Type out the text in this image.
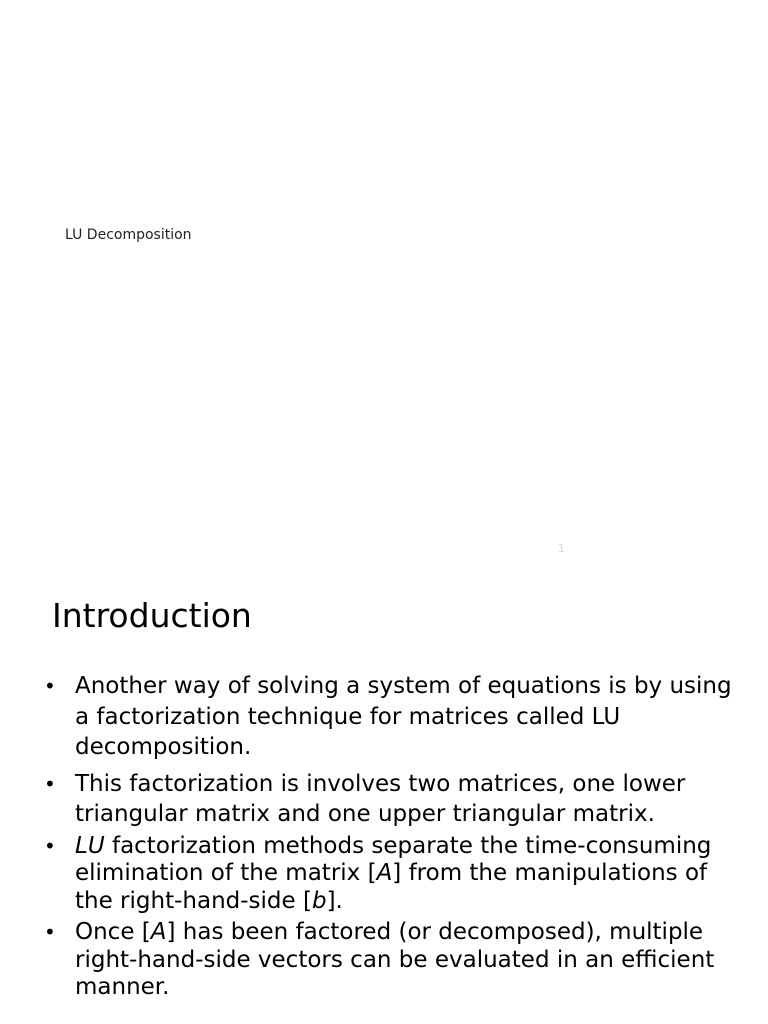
LU Decomposition
1
Introduction
• Another way of solving a system of equations is by using a factorization technique for matrices called LU decomposition.
• This factorization is involves two matrices, one lower triangular matrix and one upper triangular matrix.
• LU factorization methods separate the time-consuming elimination of the matrix [A] from the manipulations of the right-hand-side [b].
• Once [A] has been factored (or decomposed), multiple right-hand-side vectors can be evaluated in an efficient manner.
